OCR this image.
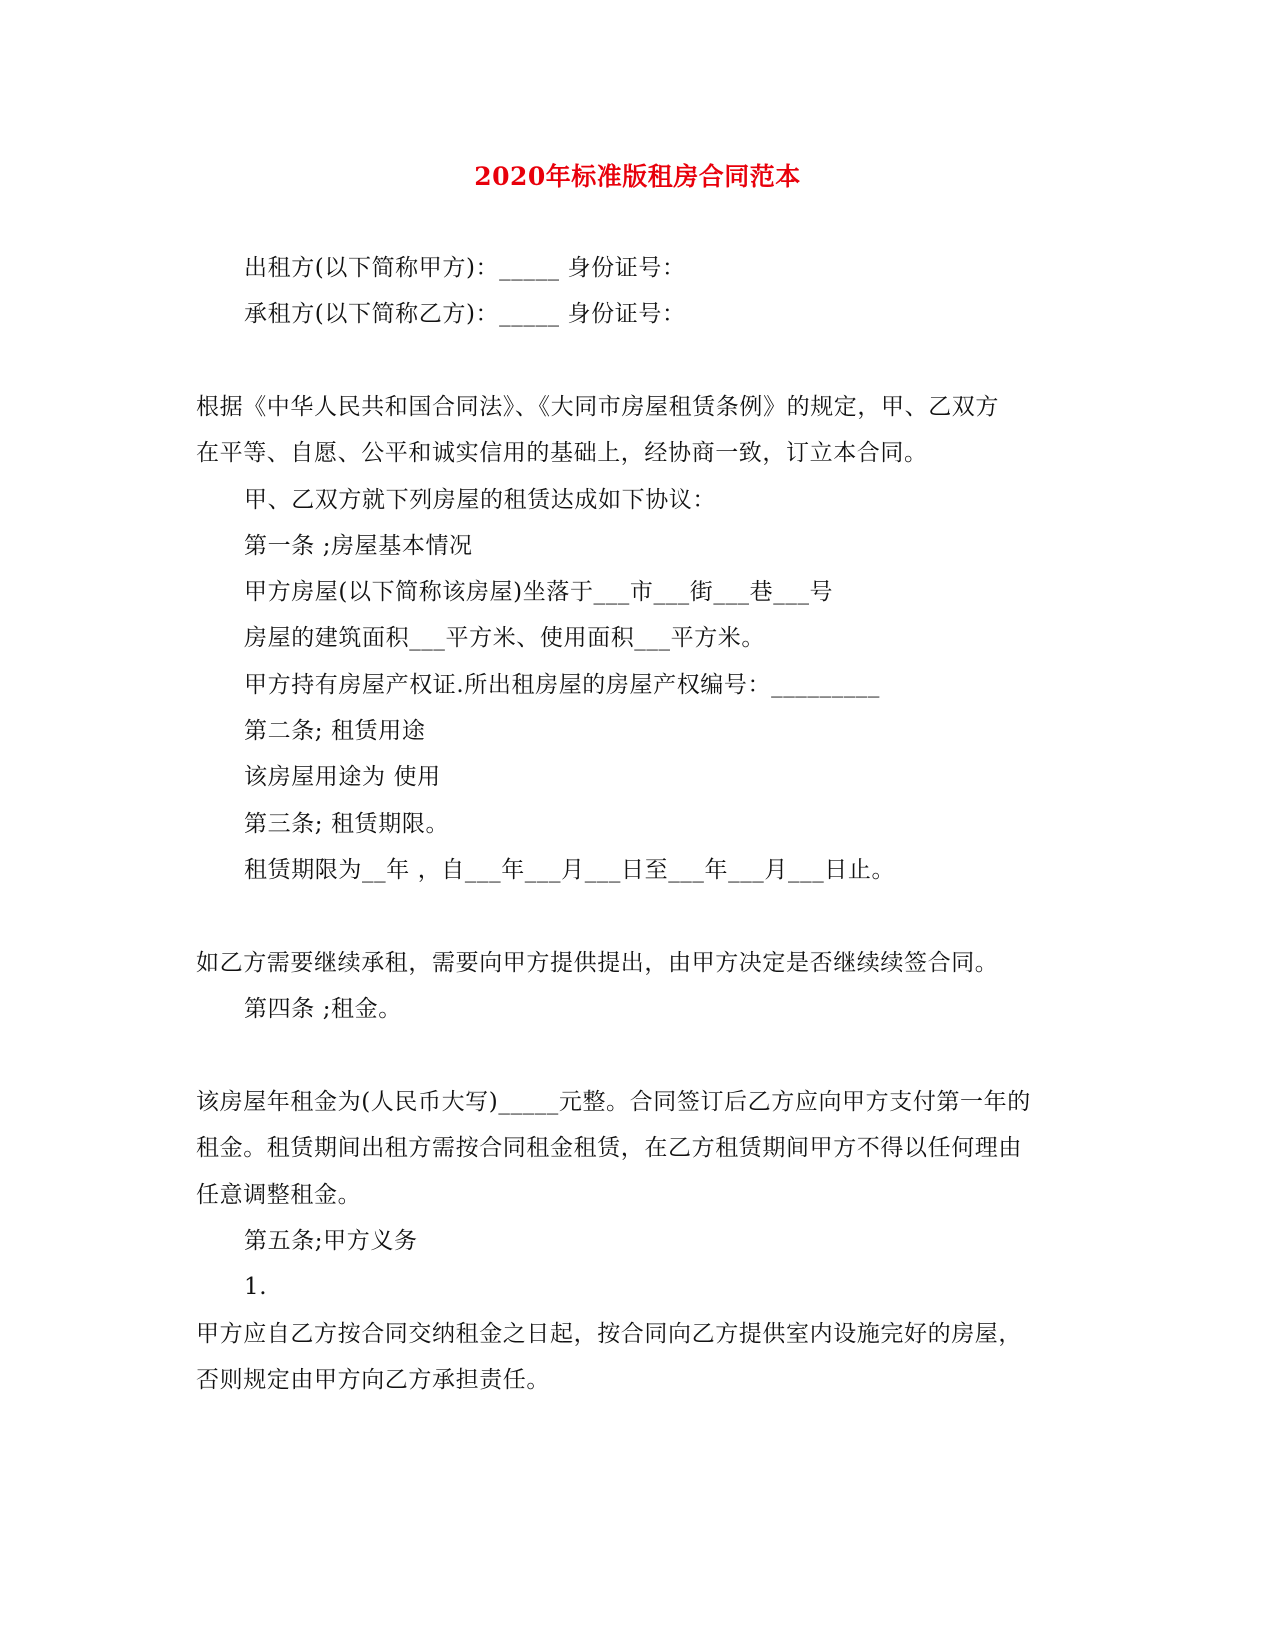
2020年标准版租房合同范本
出租方(以下简称甲方)：_____ 身份证号：
承租方(以下简称乙方)：_____ 身份证号：
根据《中华人民共和国合同法》、《大同市房屋租赁条例》的规定，甲、乙双方
在平等、自愿、公平和诚实信用的基础上，经协商一致，订立本合同。
甲、乙双方就下列房屋的租赁达成如下协议：
第一条 ;房屋基本情况
甲方房屋(以下简称该房屋)坐落于___市___街___巷___号
房屋的建筑面积___平方米、使用面积___平方米。
甲方持有房屋产权证.所出租房屋的房屋产权编号：_________
第二条; 租赁用途
该房屋用途为 使用
第三条; 租赁期限。
租赁期限为__年 ，自___年___月___日至___年___月___日止。
如乙方需要继续承租，需要向甲方提供提出，由甲方决定是否继续续签合同。
第四条 ;租金。
该房屋年租金为(人民币大写)_____元整。合同签订后乙方应向甲方支付第一年的
租金。租赁期间出租方需按合同租金租赁，在乙方租赁期间甲方不得以任何理由
任意调整租金。
第五条;甲方义务
1.
甲方应自乙方按合同交纳租金之日起，按合同向乙方提供室内设施完好的房屋，
否则规定由甲方向乙方承担责任。
